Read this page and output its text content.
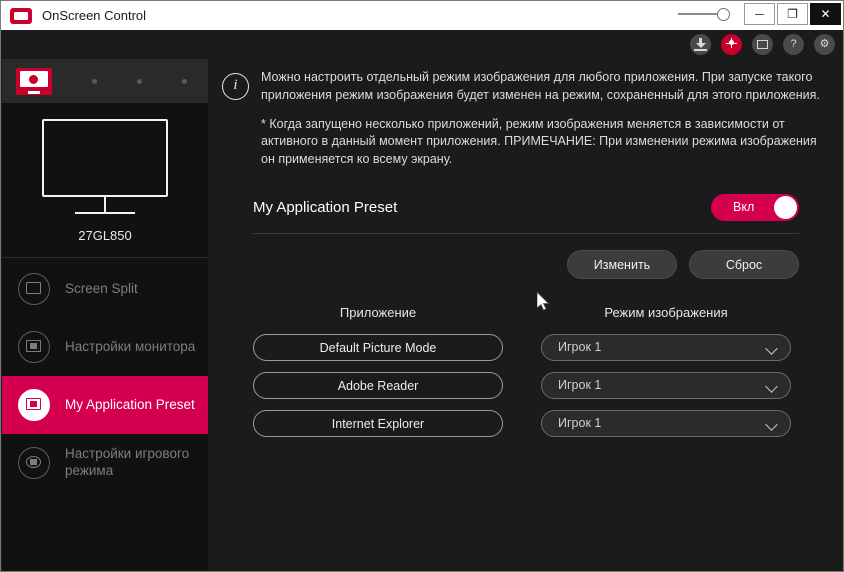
OnScreen Control	─	❐	✕
?	⚙
27GL850
Screen Split
Настройки монитора
My Application Preset
Настройки игрового режима
i	Можно настроить отдельный режим изображения для любого приложения. При запуске такого приложения режим изображения будет изменен на режим, сохраненный для этого приложения.

* Когда запущено несколько приложений, режим изображения меняется в зависимости от активного в данный момент приложения. ПРИМЕЧАНИЕ: При изменении режима изображения он применяется ко всему экрану.

My Application Preset	Вкл
Изменить	Сброс
Приложение	Режим изображения
Default Picture Mode	Игрок 1
Adobe Reader	Игрок 1
Internet Explorer	Игрок 1
